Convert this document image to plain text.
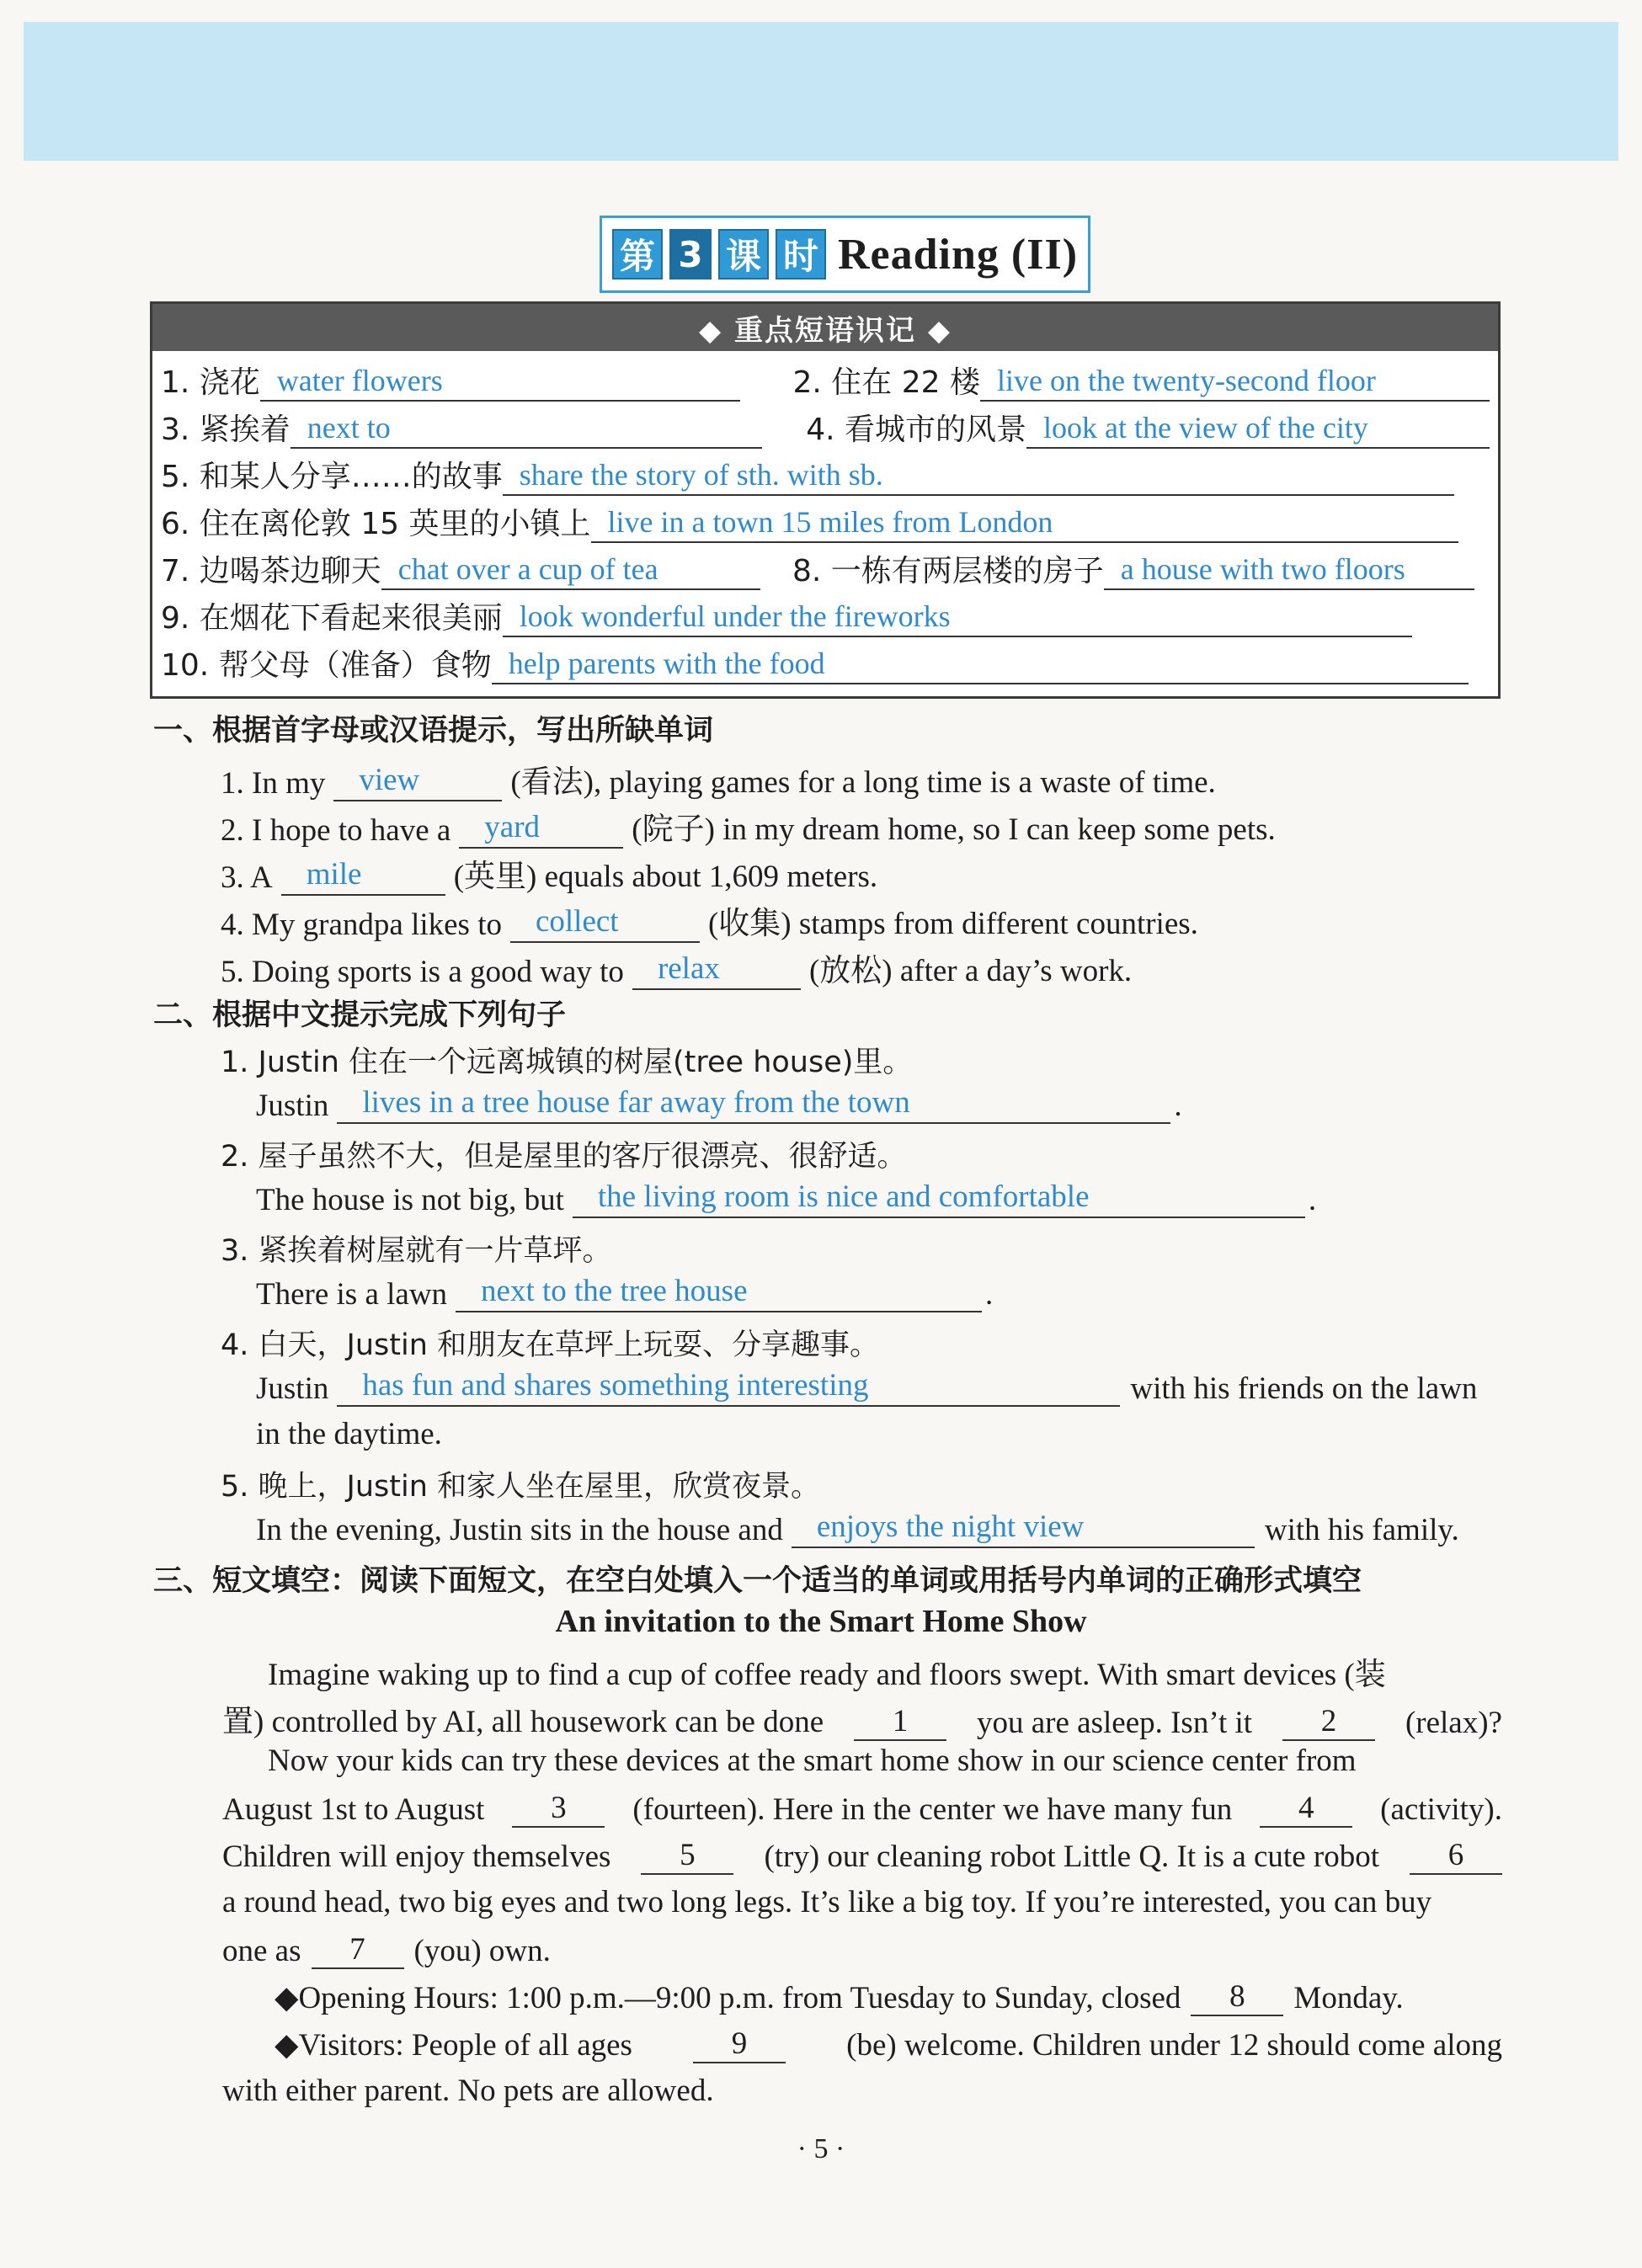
第 3 课 时 Reading (II)
◆ 重点短语识记 ◆
1. 浇花 water flowers	2. 住在 22 楼 live on the twenty-second floor
3. 紧挨着 next to	4. 看城市的风景 look at the view of the city
5. 和某人分享……的故事 share the story of sth. with sb.
6. 住在离伦敦 15 英里的小镇上 live in a town 15 miles from London
7. 边喝茶边聊天 chat over a cup of tea	8. 一栋有两层楼的房子 a house with two floors
9. 在烟花下看起来很美丽 look wonderful under the fireworks
10. 帮父母（准备）食物 help parents with the food
一、根据首字母或汉语提示，写出所缺单词
1. In my	view	(看法), playing games for a long time is a waste of time.
2. I hope to have a	yard	(院子) in my dream home, so I can keep some pets.
3. A	mile	(英里) equals about 1,609 meters.
4. My grandpa likes to	collect	(收集) stamps from different countries.
5. Doing sports is a good way to	relax	(放松) after a day’s work.
二、根据中文提示完成下列句子
1. Justin 住在一个远离城镇的树屋(tree house)里。
Justin	lives in a tree house far away from the town	.
2. 屋子虽然不大，但是屋里的客厅很漂亮、很舒适。
The house is not big, but	the living room is nice and comfortable	.
3. 紧挨着树屋就有一片草坪。
There is a lawn	next to the tree house	.
4. 白天，Justin 和朋友在草坪上玩耍、分享趣事。
Justin	has fun and shares something interesting	with his friends on the lawn
in the daytime.
5. 晚上，Justin 和家人坐在屋里，欣赏夜景。
In the evening, Justin sits in the house and	enjoys the night view	with his family.
三、短文填空：阅读下面短文，在空白处填入一个适当的单词或用括号内单词的正确形式填空
An invitation to the Smart Home Show
Imagine waking up to find a cup of coffee ready and floors swept. With smart devices (装
置) controlled by AI, all housework can be done	1	you are asleep. Isn’t it	2	(relax)?
Now your kids can try these devices at the smart home show in our science center from
August 1st to August	3	(fourteen). Here in the center we have many fun	4	(activity).
Children will enjoy themselves	5	(try) our cleaning robot Little Q. It is a cute robot	6
a round head, two big eyes and two long legs. It’s like a big toy. If you’re interested, you can buy
one as	7	(you) own.
◆Opening Hours: 1:00 p.m.—9:00 p.m. from Tuesday to Sunday, closed	8	Monday.
◆Visitors: People of all ages	9	(be) welcome. Children under 12 should come along
with either parent. No pets are allowed.
· 5 ·
